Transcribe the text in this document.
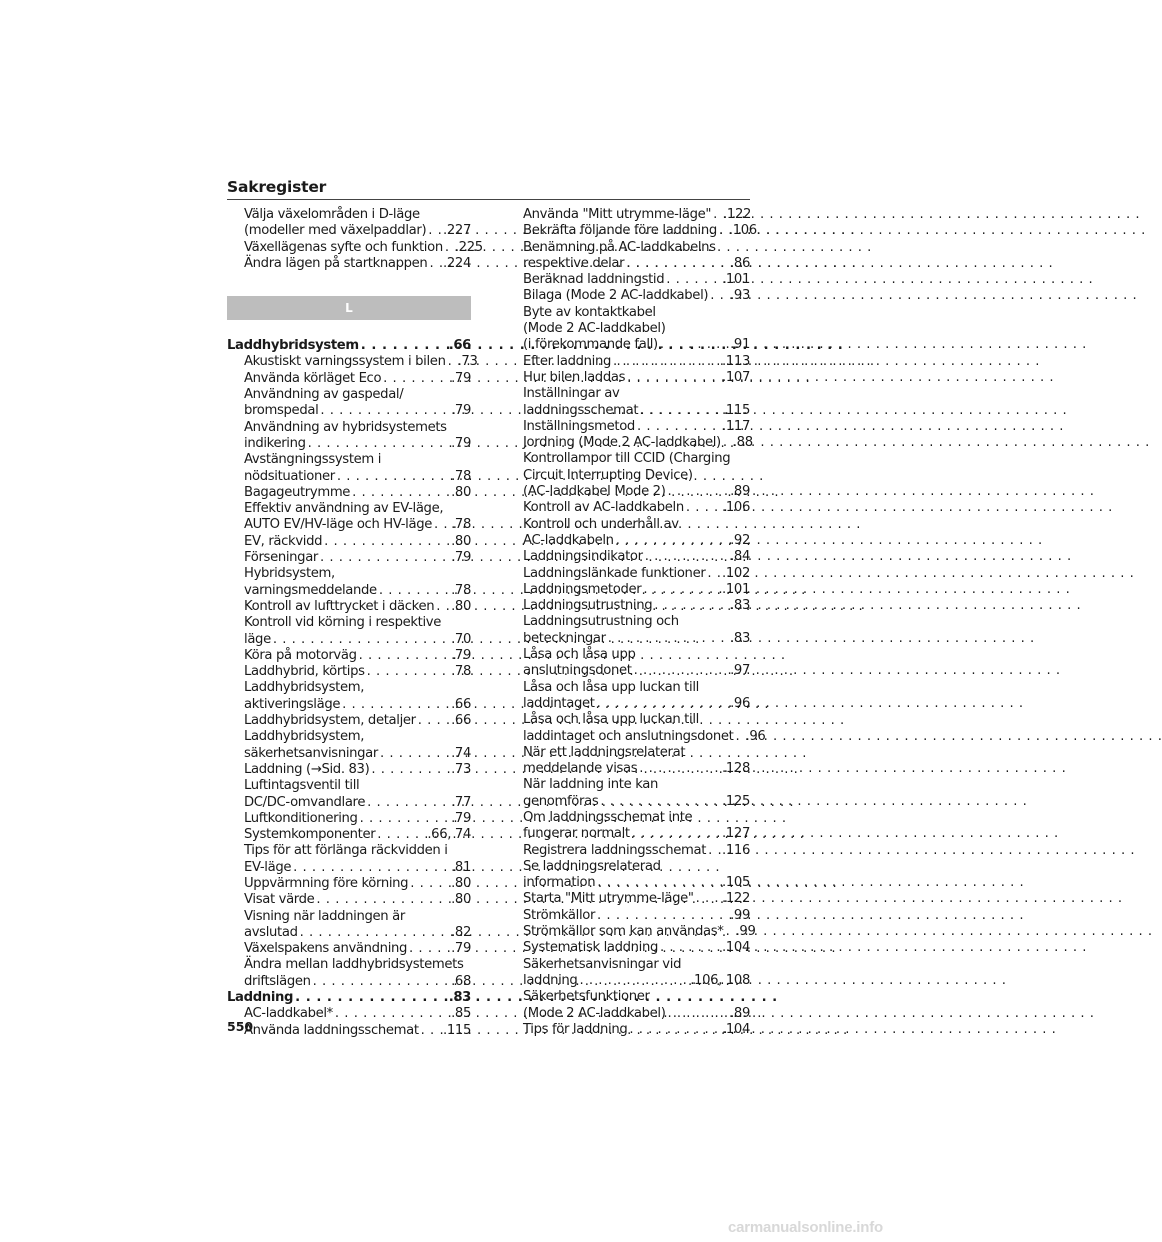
Sakregister
Välja växelområden i D-läge
(modeller med växelpaddlar) . . . .227
Växellägenas syfte och funktion . . . .225
Ändra lägen på startknappen . . . .224
L
Laddhybridsystem . . .	.66
Akustiskt varningssystem i bilen . . . .73
Använda körläget Eco . . .	.79
Användning av gaspedal/
bromspedal . . .	.79
Användning av hybridsystemets
indikering . . .	.79
Avstängningssystem i
nödsituationer . . .	.78
Bagageutrymme . . .	.80
Effektiv användning av EV-läge,
AUTO EV/HV-läge och HV-läge . . . .78
EV, räckvidd . . .	.80
Förseningar . . .	.79
Hybridsystem,
varningsmeddelande . . .	.78
Kontroll av lufttrycket i däcken . . . .80
Kontroll vid körning i respektive
läge . . .	.70
Köra på motorväg . . .	.79
Laddhybrid, körtips . . .	.78
Laddhybridsystem,
aktiveringsläge . . .	.66
Laddhybridsystem, detaljer . . .	.66
Laddhybridsystem,
säkerhetsanvisningar . . .	.74
Laddning (→Sid. 83) . . .	.73
Luftintagsventil till
DC/DC-omvandlare . . .	.77
Luftkonditionering . . .	.79
Systemkomponenter . . .	.66, 74
Tips för att förlänga räckvidden i
EV-läge . . .	.81
Uppvärmning före körning . . .	.80
Visat värde . . .	.80
Visning när laddningen är
avslutad . . .	.82
Växelspakens användning . . .	.79
Ändra mellan laddhybridsystemets
driftslägen . . .	.68
Laddning . . .	.83
AC-laddkabel* . . .	.85
Använda laddningsschemat . . . .115
Använda "Mitt utrymme-läge" . . . .122
Bekräfta följande före laddning . . . .106
Benämning på AC-laddkabelns
respektive delar . . .	.86
Beräknad laddningstid . . .	.101
Bilaga (Mode 2 AC-laddkabel) . . . .93
Byte av kontaktkabel
(Mode 2 AC-laddkabel)
(i förekommande fall) . . .	.91
Efter laddning . . .	.113
Hur bilen laddas . . .	.107
Inställningar av
laddningsschemat . . .	.115
Inställningsmetod . . .	.117
Jordning (Mode 2 AC-laddkabel) . . . .88
Kontrollampor till CCID (Charging
Circuit Interrupting Device)
(AC-laddkabel Mode 2) . . .	.89
Kontroll av AC-laddkabeln . . .	.106
Kontroll och underhåll av
AC-laddkabeln . . .	.92
Laddningsindikator . . .	.84
Laddningslänkade funktioner . . . .102
Laddningsmetoder . . .	.101
Laddningsutrustning . . .	.83
Laddningsutrustning och
beteckningar . . .	.83
Låsa och låsa upp
anslutningsdonet . . .	.97
Låsa och låsa upp luckan till
laddintaget . . .	.96
Låsa och låsa upp luckan till
laddintaget och anslutningsdonet . . . .96
När ett laddningsrelaterat
meddelande visas . . .	.128
När laddning inte kan
genomföras . . .	.125
Om laddningsschemat inte
fungerar normalt . . .	.127
Registrera laddningsschemat . . . .116
Se laddningsrelaterad
information . . .	.105
Starta "Mitt utrymme-läge" . . . .122
Strömkällor . . .	.99
Strömkällor som kan användas* . . . .99
Systematisk laddning . . .	.104
Säkerhetsanvisningar vid
laddning . . .	.106, 108
Säkerhetsfunktioner
(Mode 2 AC-laddkabel) . . .	.89
Tips för laddning . . .	.104
550
carmanualsonline.info
